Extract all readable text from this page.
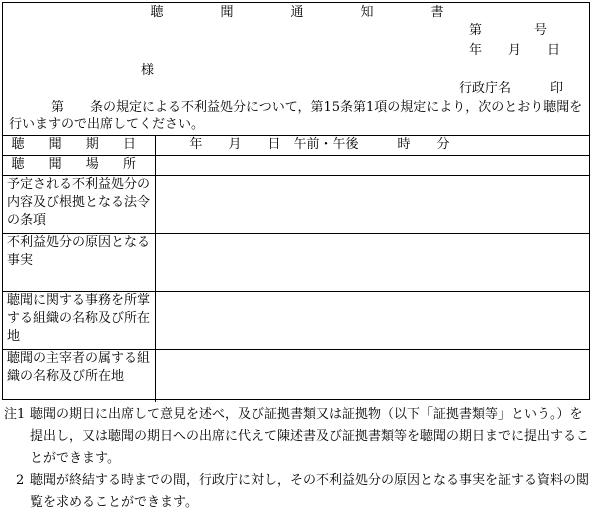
聴　聞　通　知　書
第　　　　号
年　　月　　日
様
行政庁名　　　印
第　　条の規定による不利益処分について，第15条第1項の規定により，次のとおり聴聞を行いますので出席してください。
聴 聞 期 日	年　　月　　日　午前・午後　　　時　　分
聴 聞 場 所	
予定される不利益処分の内容及び根拠となる法令の条項	
不利益処分の原因となる事実	
聴聞に関する事務を所掌する組織の名称及び所在地	
聴聞の主宰者の属する組織の名称及び所在地	
注1 聴聞の期日に出席して意見を述べ，及び証拠書類又は証拠物（以下「証拠書類等」という。）を提出し，又は聴聞の期日への出席に代えて陳述書及び証拠書類等を聴聞の期日までに提出することができます。
2 聴聞が終結する時までの間，行政庁に対し，その不利益処分の原因となる事実を証する資料の閲覧を求めることができます。
